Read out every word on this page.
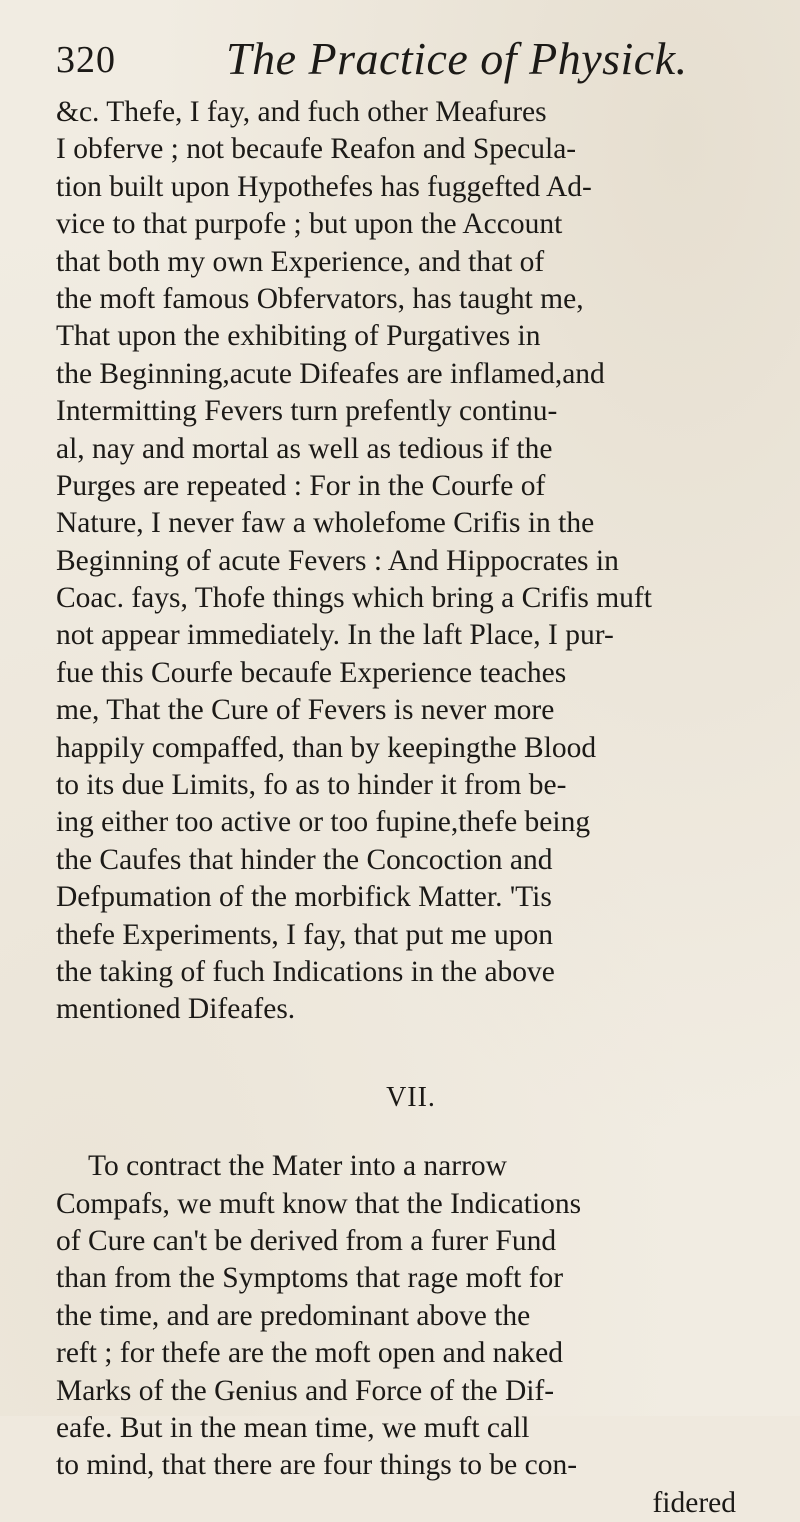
320 The Practice of Physick.
&c. Thefe, I fay, and fuch other Meafures
I obferve ; not becaufe Reafon and Specula-
tion built upon Hypothefes has fuggefted Ad-
vice to that purpofe ; but upon the Account
that both my own Experience, and that of
the moft famous Obfervators, has taught me,
That upon the exhibiting of Purgatives in
the Beginning,acute Difeafes are inflamed,and
Intermitting Fevers turn prefently continu-
al, nay and mortal as well as tedious if the
Purges are repeated : For in the Courfe of
Nature, I never faw a wholefome Crifis in the
Beginning of acute Fevers : And Hippocrates in
Coac. fays, Thofe things which bring a Crifis muft
not appear immediately. In the laft Place, I pur-
fue this Courfe becaufe Experience teaches
me, That the Cure of Fevers is never more
happily compaffed, than by keepingthe Blood
to its due Limits, fo as to hinder it from be-
ing either too active or too fupine,thefe being
the Caufes that hinder the Concoction and
Defpumation of the morbifick Matter. 'Tis
thefe Experiments, I fay, that put me upon
the taking of fuch Indications in the above
mentioned Difeafes.
VII.
To contract the Mater into a narrow
Compafs, we muft know that the Indications
of Cure can't be derived from a furer Fund
than from the Symptoms that rage moft for
the time, and are predominant above the
reft ; for thefe are the moft open and naked
Marks of the Genius and Force of the Dif-
eafe. But in the mean time, we muft call
to mind, that there are four things to be con-
fidered
